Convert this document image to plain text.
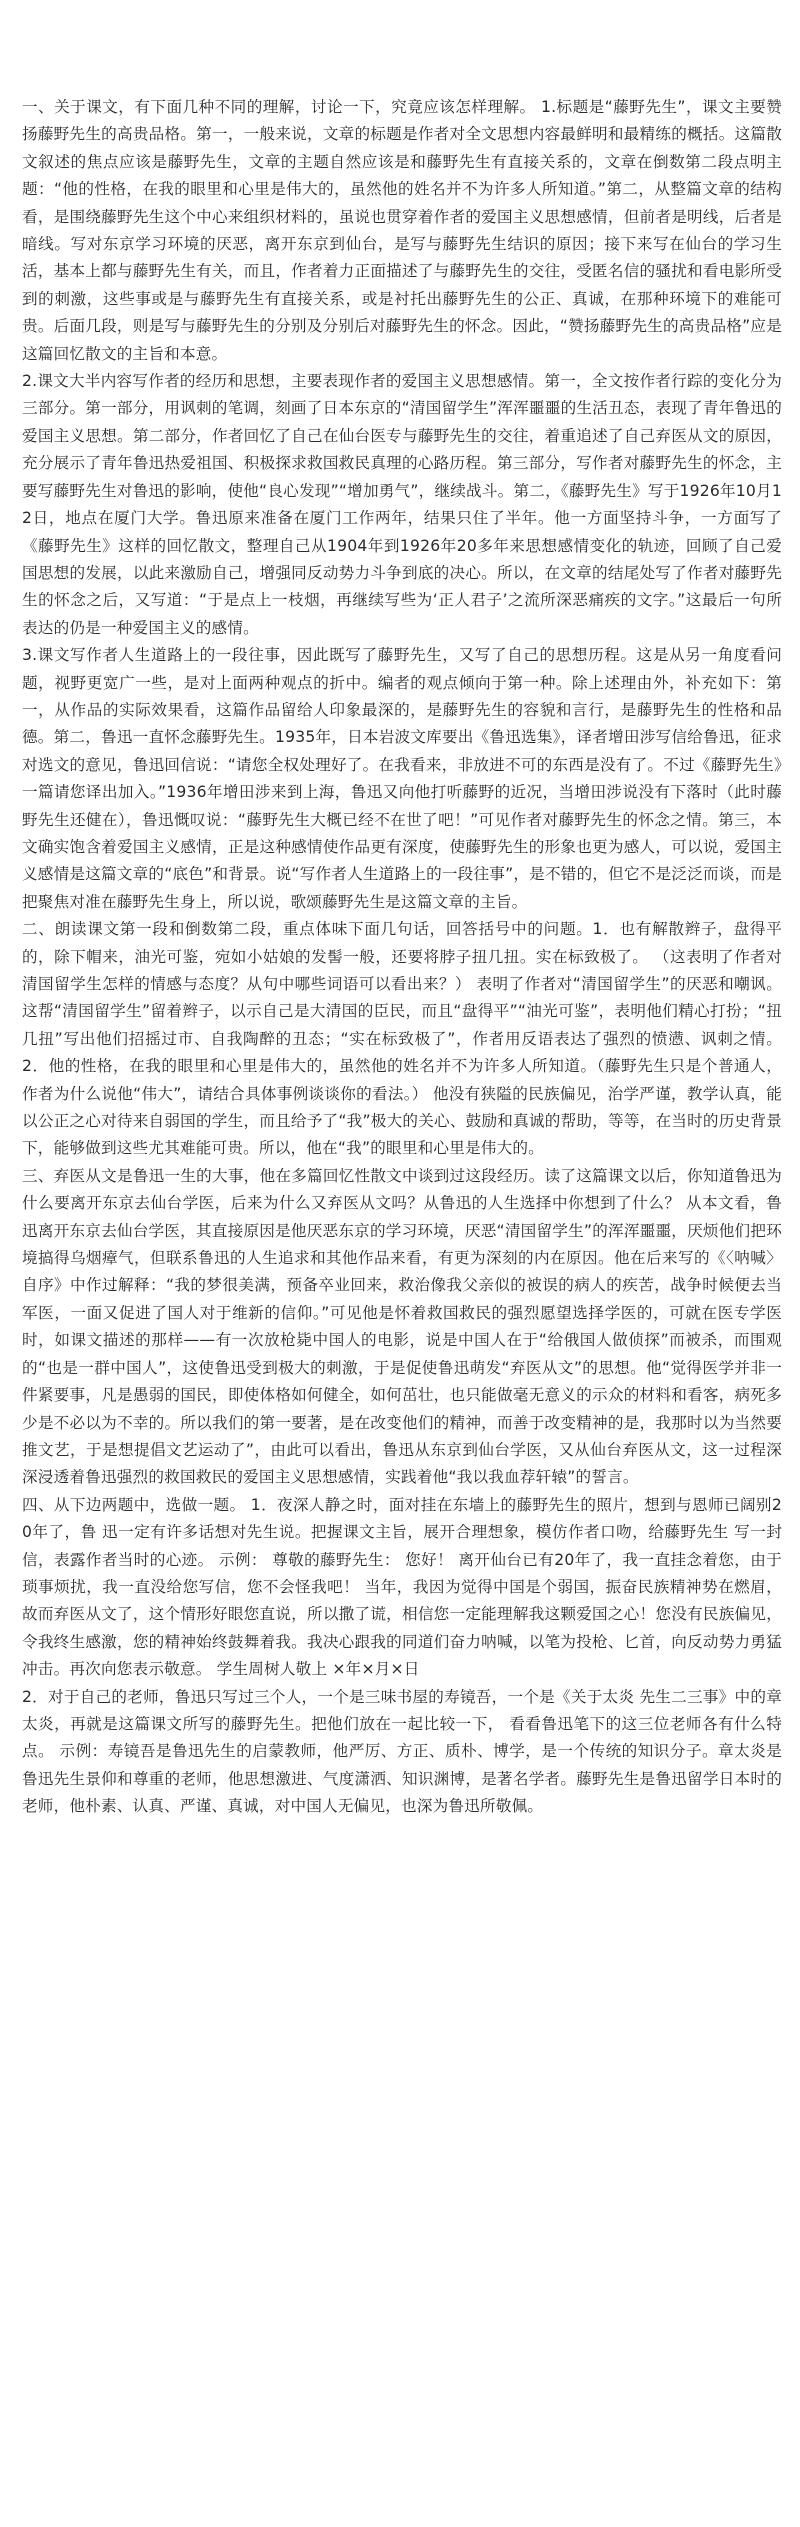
一、关于课文，有下面几种不同的理解，讨论一下，究竟应该怎样理解。 1.标题是“藤野先生”，课文主要赞扬藤野先生的高贵品格。第一，一般来说，文章的标题是作者对全文思想内容最鲜明和最精练的概括。这篇散文叙述的焦点应该是藤野先生，文章的主题自然应该是和藤野先生有直接关系的，文章在倒数第二段点明主题：“他的性格，在我的眼里和心里是伟大的，虽然他的姓名并不为许多人所知道。”第二，从整篇文章的结构看，是围绕藤野先生这个中心来组织材料的，虽说也贯穿着作者的爱国主义思想感情，但前者是明线，后者是暗线。写对东京学习环境的厌恶，离开东京到仙台，是写与藤野先生结识的原因；接下来写在仙台的学习生活，基本上都与藤野先生有关，而且，作者着力正面描述了与藤野先生的交往，受匿名信的骚扰和看电影所受到的刺激，这些事或是与藤野先生有直接关系，或是衬托出藤野先生的公正、真诚，在那种环境下的难能可贵。后面几段，则是写与藤野先生的分别及分别后对藤野先生的怀念。因此，“赞扬藤野先生的高贵品格”应是这篇回忆散文的主旨和本意。

2.课文大半内容写作者的经历和思想，主要表现作者的爱国主义思想感情。第一，全文按作者行踪的变化分为三部分。第一部分，用讽刺的笔调，刻画了日本东京的“清国留学生”浑浑噩噩的生活丑态，表现了青年鲁迅的爱国主义思想。第二部分，作者回忆了自己在仙台医专与藤野先生的交往，着重追述了自己弃医从文的原因，充分展示了青年鲁迅热爱祖国、积极探求救国救民真理的心路历程。第三部分，写作者对藤野先生的怀念，主要写藤野先生对鲁迅的影响，使他“良心发现”“增加勇气”，继续战斗。第二，《藤野先生》写于1926年10月12日，地点在厦门大学。鲁迅原来准备在厦门工作两年，结果只住了半年。他一方面坚持斗争，一方面写了《藤野先生》这样的回忆散文，整理自己从1904年到1926年20多年来思想感情变化的轨迹，回顾了自己爱国思想的发展，以此来激励自己，增强同反动势力斗争到底的决心。所以，在文章的结尾处写了作者对藤野先生的怀念之后，又写道：“于是点上一枝烟，再继续写些为‘正人君子’之流所深恶痛疾的文字。”这最后一句所表达的仍是一种爱国主义的感情。

3.课文写作者人生道路上的一段往事，因此既写了藤野先生，又写了自己的思想历程。这是从另一角度看问题，视野更宽广一些，是对上面两种观点的折中。编者的观点倾向于第一种。除上述理由外，补充如下：第一，从作品的实际效果看，这篇作品留给人印象最深的，是藤野先生的容貌和言行，是藤野先生的性格和品德。第二，鲁迅一直怀念藤野先生。1935年，日本岩波文库要出《鲁迅选集》，译者增田涉写信给鲁迅，征求对选文的意见，鲁迅回信说：“请您全权处理好了。在我看来，非放进不可的东西是没有了。不过《藤野先生》一篇请您译出加入。”1936年增田涉来到上海，鲁迅又向他打听藤野的近况，当增田涉说没有下落时（此时藤野先生还健在），鲁迅慨叹说：“藤野先生大概已经不在世了吧！”可见作者对藤野先生的怀念之情。第三，本文确实饱含着爱国主义感情，正是这种感情使作品更有深度，使藤野先生的形象也更为感人，可以说，爱国主义感情是这篇文章的“底色”和背景。说“写作者人生道路上的一段往事”，是不错的，但它不是泛泛而谈，而是把聚焦对准在藤野先生身上，所以说，歌颂藤野先生是这篇文章的主旨。

二、朗读课文第一段和倒数第二段，重点体味下面几句话，回答括号中的问题。1．也有解散辫子，盘得平的，除下帽来，油光可鉴，宛如小姑娘的发髻一般，还要将脖子扭几扭。实在标致极了。 （这表明了作者对清国留学生怎样的情感与态度？从句中哪些词语可以看出来？） 表明了作者对“清国留学生”的厌恶和嘲讽。这帮“清国留学生”留着辫子，以示自己是大清国的臣民，而且“盘得平”“油光可鉴”，表明他们精心打扮；“扭几扭”写出他们招摇过市、自我陶醉的丑态；“实在标致极了”，作者用反语表达了强烈的愤懑、讽刺之情。2．他的性格，在我的眼里和心里是伟大的，虽然他的姓名并不为许多人所知道。（藤野先生只是个普通人，作者为什么说他“伟大”，请结合具体事例谈谈你的看法。） 他没有狭隘的民族偏见，治学严谨，教学认真，能以公正之心对待来自弱国的学生，而且给予了“我”极大的关心、鼓励和真诚的帮助，等等，在当时的历史背景下，能够做到这些尤其难能可贵。所以，他在“我”的眼里和心里是伟大的。

三、弃医从文是鲁迅一生的大事，他在多篇回忆性散文中谈到过这段经历。读了这篇课文以后，你知道鲁迅为什么要离开东京去仙台学医，后来为什么又弃医从文吗？从鲁迅的人生选择中你想到了什么？ 从本文看，鲁迅离开东京去仙台学医，其直接原因是他厌恶东京的学习环境，厌恶“清国留学生”的浑浑噩噩，厌烦他们把环境搞得乌烟瘴气，但联系鲁迅的人生追求和其他作品来看，有更为深刻的内在原因。他在后来写的《〈呐喊〉自序》中作过解释：“我的梦很美满，预备卒业回来，救治像我父亲似的被误的病人的疾苦，战争时候便去当军医，一面又促进了国人对于维新的信仰。”可见他是怀着救国救民的强烈愿望选择学医的，可就在医专学医时，如课文描述的那样——有一次放枪毙中国人的电影，说是中国人在于“给俄国人做侦探”而被杀，而围观的“也是一群中国人”，这使鲁迅受到极大的刺激，于是促使鲁迅萌发“弃医从文”的思想。他“觉得医学并非一件紧要事，凡是愚弱的国民，即使体格如何健全，如何茁壮，也只能做毫无意义的示众的材料和看客，病死多少是不必以为不幸的。所以我们的第一要著，是在改变他们的精神，而善于改变精神的是，我那时以为当然要推文艺，于是想提倡文艺运动了”，由此可以看出，鲁迅从东京到仙台学医，又从仙台弃医从文，这一过程深深浸透着鲁迅强烈的救国救民的爱国主义思想感情，实践着他“我以我血荐轩辕”的誓言。

四、从下边两题中，选做一题。 1．夜深人静之时，面对挂在东墙上的藤野先生的照片，想到与恩师已阔别20年了，鲁 迅一定有许多话想对先生说。把握课文主旨，展开合理想象，模仿作者口吻，给藤野先生 写一封信，表露作者当时的心迹。 示例： 尊敬的藤野先生： 您好！ 离开仙台已有20年了，我一直挂念着您，由于琐事烦扰，我一直没给您写信，您不会怪我吧！ 当年，我因为觉得中国是个弱国，振奋民族精神势在燃眉，故而弃医从文了，这个情形好眼您直说，所以撒了谎，相信您一定能理解我这颗爱国之心！您没有民族偏见，令我终生感激，您的精神始终鼓舞着我。我决心跟我的同道们奋力呐喊，以笔为投枪、匕首，向反动势力勇猛冲击。再次向您表示敬意。 学生周树人敬上 ×年×月×日

2．对于自己的老师，鲁迅只写过三个人，一个是三味书屋的寿镜吾，一个是《关于太炎 先生二三事》中的章太炎，再就是这篇课文所写的藤野先生。把他们放在一起比较一下， 看看鲁迅笔下的这三位老师各有什么特点。 示例：寿镜吾是鲁迅先生的启蒙教师，他严厉、方正、质朴、博学，是一个传统的知识分子。章太炎是鲁迅先生景仰和尊重的老师，他思想激进、气度潇洒、知识渊博，是著名学者。藤野先生是鲁迅留学日本时的老师，他朴素、认真、严谨、真诚，对中国人无偏见，也深为鲁迅所敬佩。
